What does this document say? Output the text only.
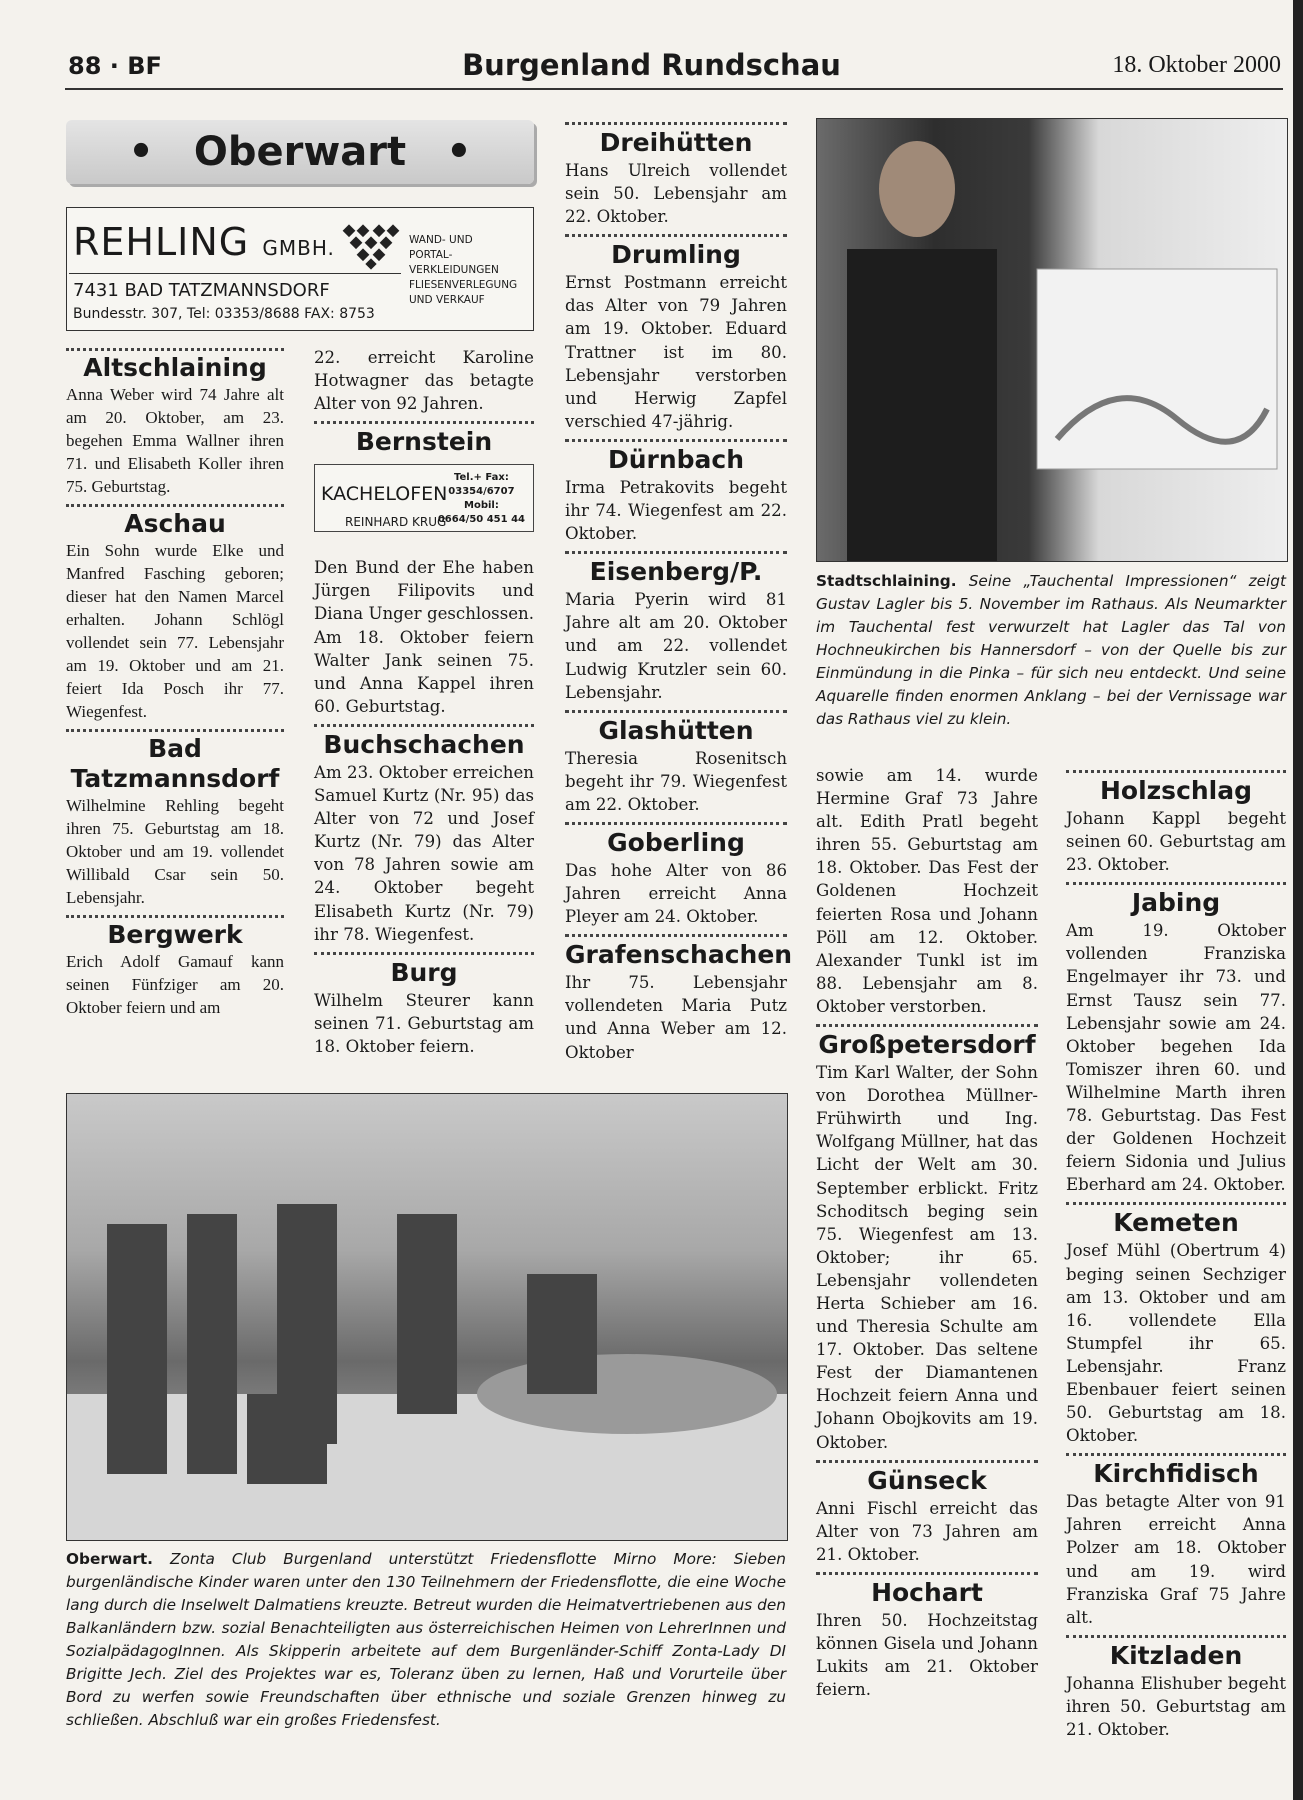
88 · BF	Burgenland Rundschau	18. Oktober 2000
• Oberwart •
REHLING GMBH.
7431 BAD TATZMANNSDORF
Bundesstr. 307, Tel: 03353/8688 FAX: 8753
WAND- UND
PORTAL-
VERKLEIDUNGEN
FLIESENVERLEGUNG
UND VERKAUF
Altschlaining

Anna Weber wird 74 Jahre alt am 20. Oktober, am 23. begehen Emma Wallner ihren 71. und Elisabeth Koller ihren 75. Geburtstag.

Aschau

Ein Sohn wurde Elke und Manfred Fasching geboren; dieser hat den Namen Marcel erhalten. Johann Schlögl vollendet sein 77. Lebensjahr am 19. Oktober und am 21. feiert Ida Posch ihr 77. Wiegenfest.

Bad Tatzmannsdorf

Wilhelmine Rehling begeht ihren 75. Geburtstag am 18. Oktober und am 19. vollendet Willibald Csar sein 50. Lebensjahr.

Bergwerk

Erich Adolf Gamauf kann seinen Fünfziger am 20. Oktober feiern und am

22. erreicht Karoline Hotwagner das betagte Alter von 92 Jahren.

Bernstein
KACHELOFEN
REINHARD KRUG
Tel.+ Fax:
03354/6707
Mobil:
0664/50 451 44

Den Bund der Ehe haben Jürgen Filipovits und Diana Unger geschlossen. Am 18. Oktober feiern Walter Jank seinen 75. und Anna Kappel ihren 60. Geburtstag.

Buchschachen

Am 23. Oktober erreichen Samuel Kurtz (Nr. 95) das Alter von 72 und Josef Kurtz (Nr. 79) das Alter von 78 Jahren sowie am 24. Oktober begeht Elisabeth Kurtz (Nr. 79) ihr 78. Wiegenfest.

Burg

Wilhelm Steurer kann seinen 71. Geburtstag am 18. Oktober feiern.

Dreihütten

Hans Ulreich vollendet sein 50. Lebensjahr am 22. Oktober.

Drumling

Ernst Postmann erreicht das Alter von 79 Jahren am 19. Oktober. Eduard Trattner ist im 80. Lebensjahr verstorben und Herwig Zapfel verschied 47-jährig.

Dürnbach

Irma Petrakovits begeht ihr 74. Wiegenfest am 22. Oktober.

Eisenberg/P.

Maria Pyerin wird 81 Jahre alt am 20. Oktober und am 22. vollendet Ludwig Krutzler sein 60. Lebensjahr.

Glashütten

Theresia Rosenitsch begeht ihr 79. Wiegenfest am 22. Oktober.

Goberling

Das hohe Alter von 86 Jahren erreicht Anna Pleyer am 24. Oktober.

Grafenschachen

Ihr 75. Lebensjahr vollendeten Maria Putz und Anna Weber am 12. Oktober

Stadtschlaining. Seine „Tauchental Impressionen“ zeigt Gustav Lagler bis 5. November im Rathaus. Als Neumarkter im Tauchental fest verwurzelt hat Lagler das Tal von Hochneukirchen bis Hannersdorf – von der Quelle bis zur Einmündung in die Pinka – für sich neu entdeckt. Und seine Aquarelle finden enormen Anklang – bei der Vernissage war das Rathaus viel zu klein.
Oberwart. Zonta Club Burgenland unterstützt Friedensflotte Mirno More: Sieben burgenländische Kinder waren unter den 130 Teilnehmern der Friedensflotte, die eine Woche lang durch die Inselwelt Dalmatiens kreuzte. Betreut wurden die Heimatvertriebenen aus den Balkanländern bzw. sozial Benachteiligten aus österreichischen Heimen von LehrerInnen und SozialpädagogInnen. Als Skipperin arbeitete auf dem Burgenländer-Schiff Zonta-Lady DI Brigitte Jech. Ziel des Projektes war es, Toleranz üben zu lernen, Haß und Vorurteile über Bord zu werfen sowie Freundschaften über ethnische und soziale Grenzen hinweg zu schließen. Abschluß war ein großes Friedensfest.

sowie am 14. wurde Hermine Graf 73 Jahre alt. Edith Pratl begeht ihren 55. Geburtstag am 18. Oktober. Das Fest der Goldenen Hochzeit feierten Rosa und Johann Pöll am 12. Oktober. Alexander Tunkl ist im 88. Lebensjahr am 8. Oktober verstorben.

Großpetersdorf

Tim Karl Walter, der Sohn von Dorothea Müllner-Frühwirth und Ing. Wolfgang Müllner, hat das Licht der Welt am 30. September erblickt. Fritz Schoditsch beging sein 75. Wiegenfest am 13. Oktober; ihr 65. Lebensjahr vollendeten Herta Schieber am 16. und Theresia Schulte am 17. Oktober. Das seltene Fest der Diamantenen Hochzeit feiern Anna und Johann Obojkovits am 19. Oktober.

Günseck

Anni Fischl erreicht das Alter von 73 Jahren am 21. Oktober.

Hochart

Ihren 50. Hochzeitstag können Gisela und Johann Lukits am 21. Oktober feiern.

Holzschlag

Johann Kappl begeht seinen 60. Geburtstag am 23. Oktober.

Jabing

Am 19. Oktober vollenden Franziska Engelmayer ihr 73. und Ernst Tausz sein 77. Lebensjahr sowie am 24. Oktober begehen Ida Tomiszer ihren 60. und Wilhelmine Marth ihren 78. Geburtstag. Das Fest der Goldenen Hochzeit feiern Sidonia und Julius Eberhard am 24. Oktober.

Kemeten

Josef Mühl (Obertrum 4) beging seinen Sechziger am 13. Oktober und am 16. vollendete Ella Stumpfel ihr 65. Lebensjahr. Franz Ebenbauer feiert seinen 50. Geburtstag am 18. Oktober.

Kirchfidisch

Das betagte Alter von 91 Jahren erreicht Anna Polzer am 18. Oktober und am 19. wird Franziska Graf 75 Jahre alt.

Kitzladen

Johanna Elishuber begeht ihren 50. Geburtstag am 21. Oktober.
